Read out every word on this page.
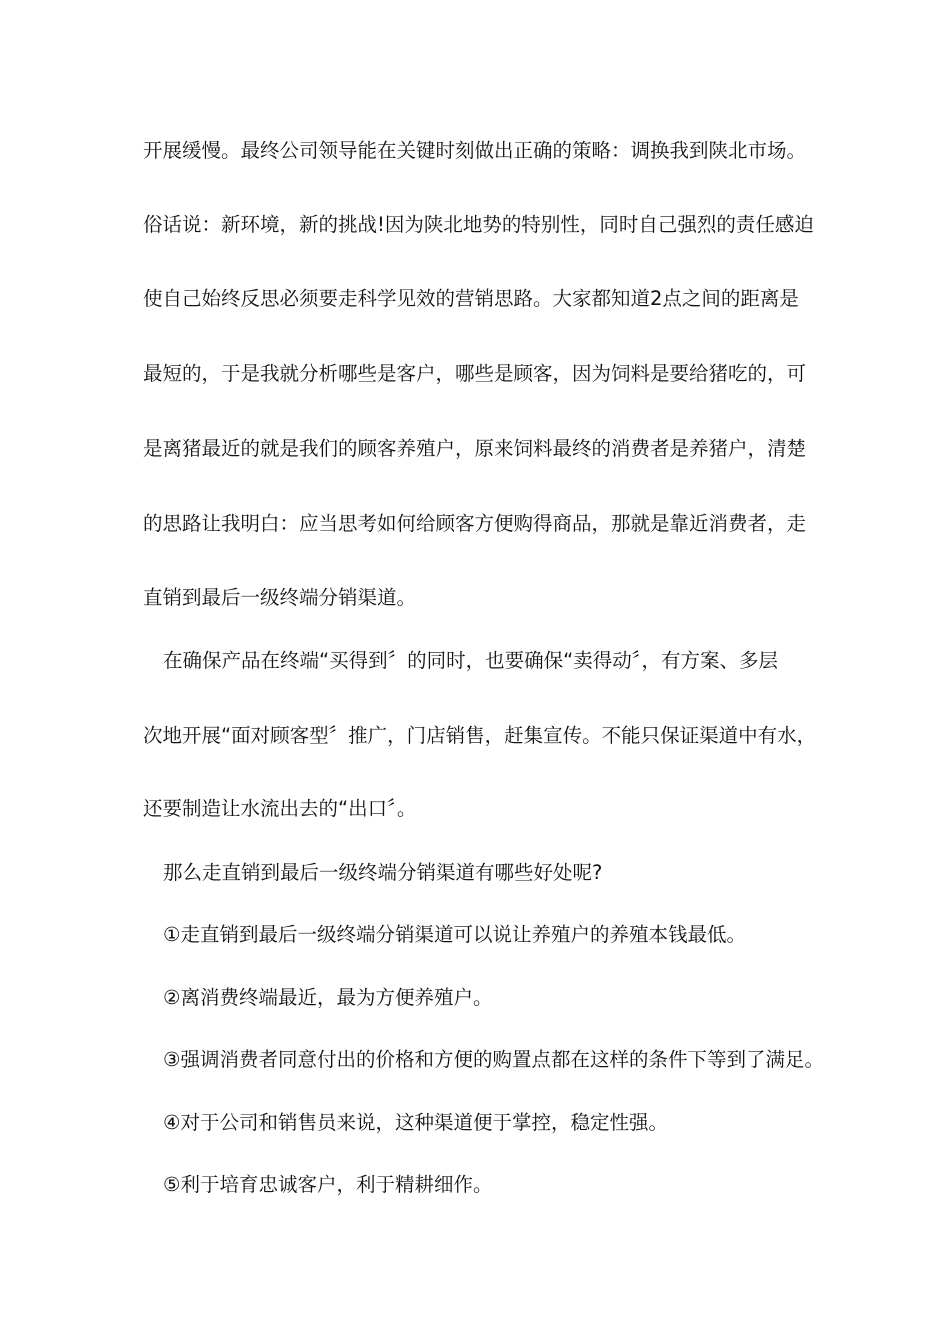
开展缓慢。最终公司领导能在关键时刻做出正确的策略：调换我到陕北市场。
俗话说：新环境，新的挑战!因为陕北地势的特别性，同时自己强烈的责任感迫
使自己始终反思必须要走科学见效的营销思路。大家都知道2点之间的距离是
最短的，于是我就分析哪些是客户，哪些是顾客，因为饲料是要给猪吃的，可
是离猪最近的就是我们的顾客养殖户，原来饲料最终的消费者是养猪户，清楚
的思路让我明白：应当思考如何给顾客方便购得商品，那就是靠近消费者，走
直销到最后一级终端分销渠道。
在确保产品在终端“买得到〞的同时，也要确保“卖得动〞，有方案、多层
次地开展“面对顾客型〞推广，门店销售，赶集宣传。不能只保证渠道中有水，
还要制造让水流出去的“出口〞。
那么走直销到最后一级终端分销渠道有哪些好处呢?
①走直销到最后一级终端分销渠道可以说让养殖户的养殖本钱最低。
②离消费终端最近，最为方便养殖户。
③强调消费者同意付出的价格和方便的购置点都在这样的条件下等到了满足。
④对于公司和销售员来说，这种渠道便于掌控，稳定性强。
⑤利于培育忠诚客户，利于精耕细作。
